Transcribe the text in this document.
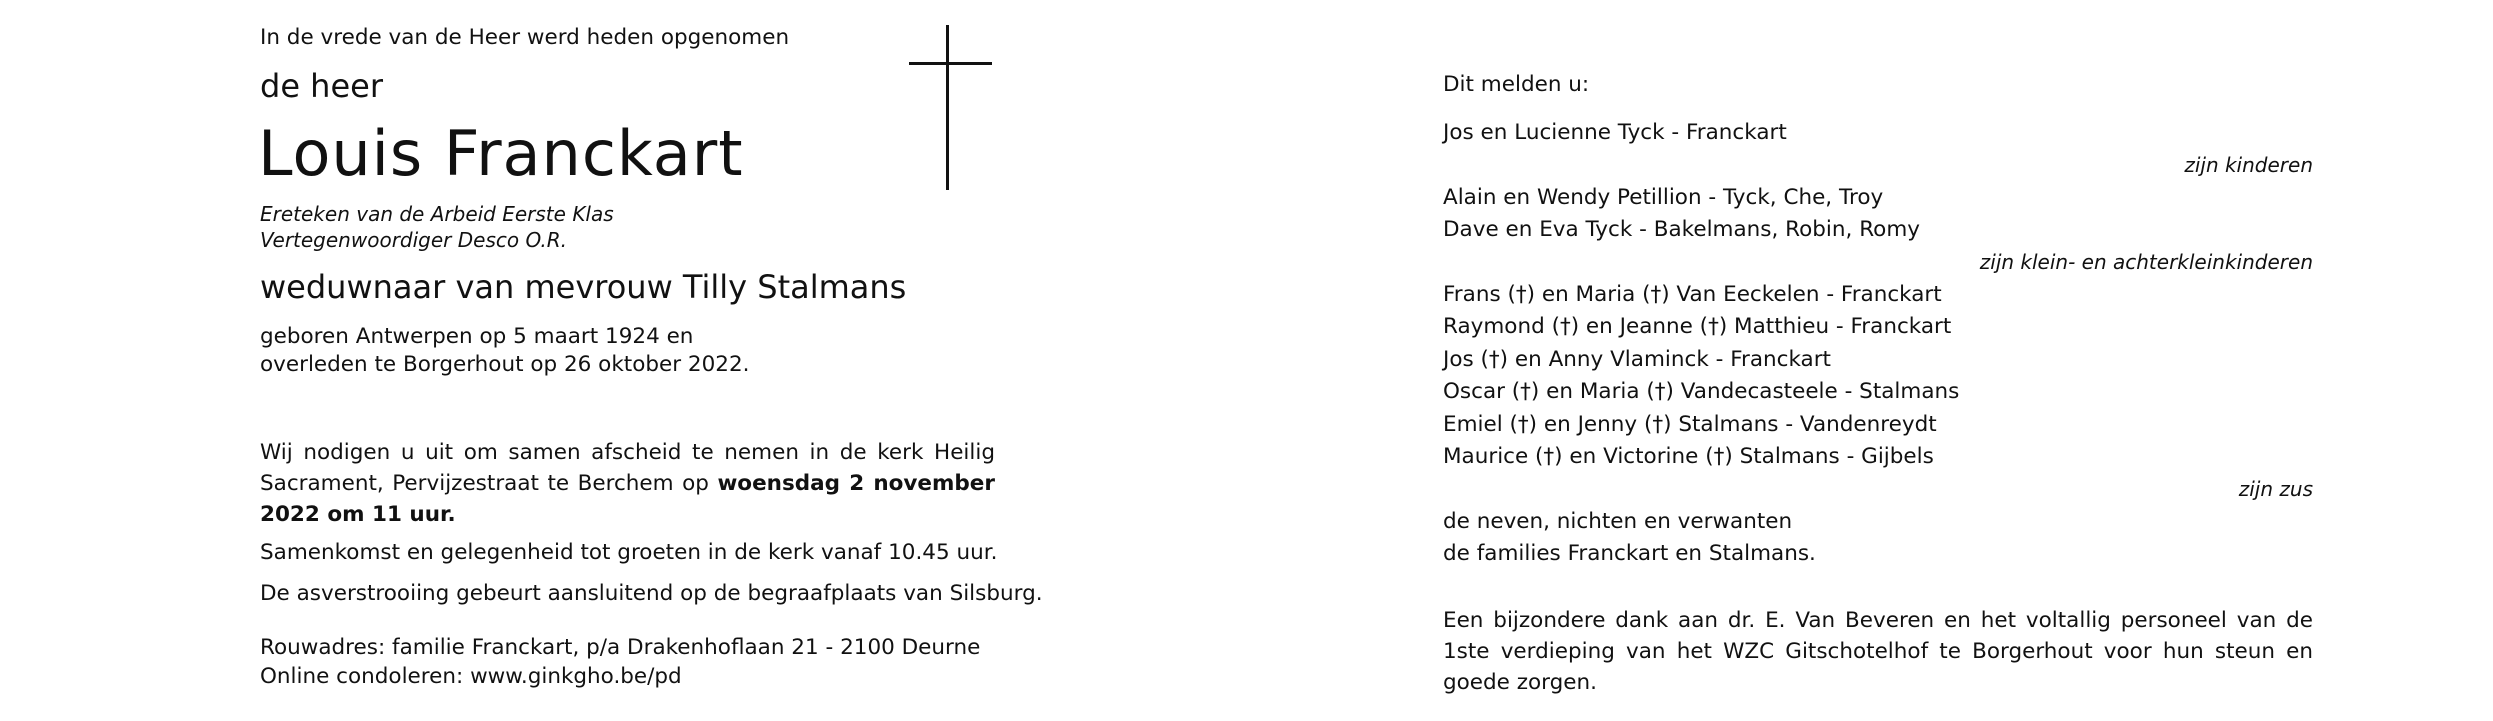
In de vrede van de Heer werd heden opgenomen
de heer
Louis Franckart
Ereteken van de Arbeid Eerste Klas
Vertegenwoordiger Desco O.R.
weduwnaar van mevrouw Tilly Stalmans
geboren Antwerpen op 5 maart 1924 en
overleden te Borgerhout op 26 oktober 2022.
Wij nodigen u uit om samen afscheid te nemen in de kerk Heilig Sacrament, Pervijzestraat te Berchem op woensdag 2 november 2022 om 11 uur.
Samenkomst en gelegenheid tot groeten in de kerk vanaf 10.45 uur.
De asverstrooiing gebeurt aansluitend op de begraafplaats van Silsburg.
Rouwadres: familie Franckart, p/a Drakenhoflaan 21 - 2100 Deurne
Online condoleren: www.ginkgho.be/pd
Dit melden u:
Jos en Lucienne Tyck - Franckart
zijn kinderen
Alain en Wendy Petillion - Tyck, Che, Troy
Dave en Eva Tyck - Bakelmans, Robin, Romy
zijn klein- en achterkleinkinderen
Frans (†) en Maria (†) Van Eeckelen - Franckart
Raymond (†) en Jeanne (†) Matthieu - Franckart
Jos (†) en Anny Vlaminck - Franckart
Oscar (†) en Maria (†) Vandecasteele - Stalmans
Emiel (†) en Jenny (†) Stalmans - Vandenreydt
Maurice (†) en Victorine (†) Stalmans - Gijbels
zijn zus
de neven, nichten en verwanten
de families Franckart en Stalmans.
Een bijzondere dank aan dr. E. Van Beveren en het voltallig personeel van de 1ste verdieping van het WZC Gitschotelhof te Borgerhout voor hun steun en goede zorgen.
